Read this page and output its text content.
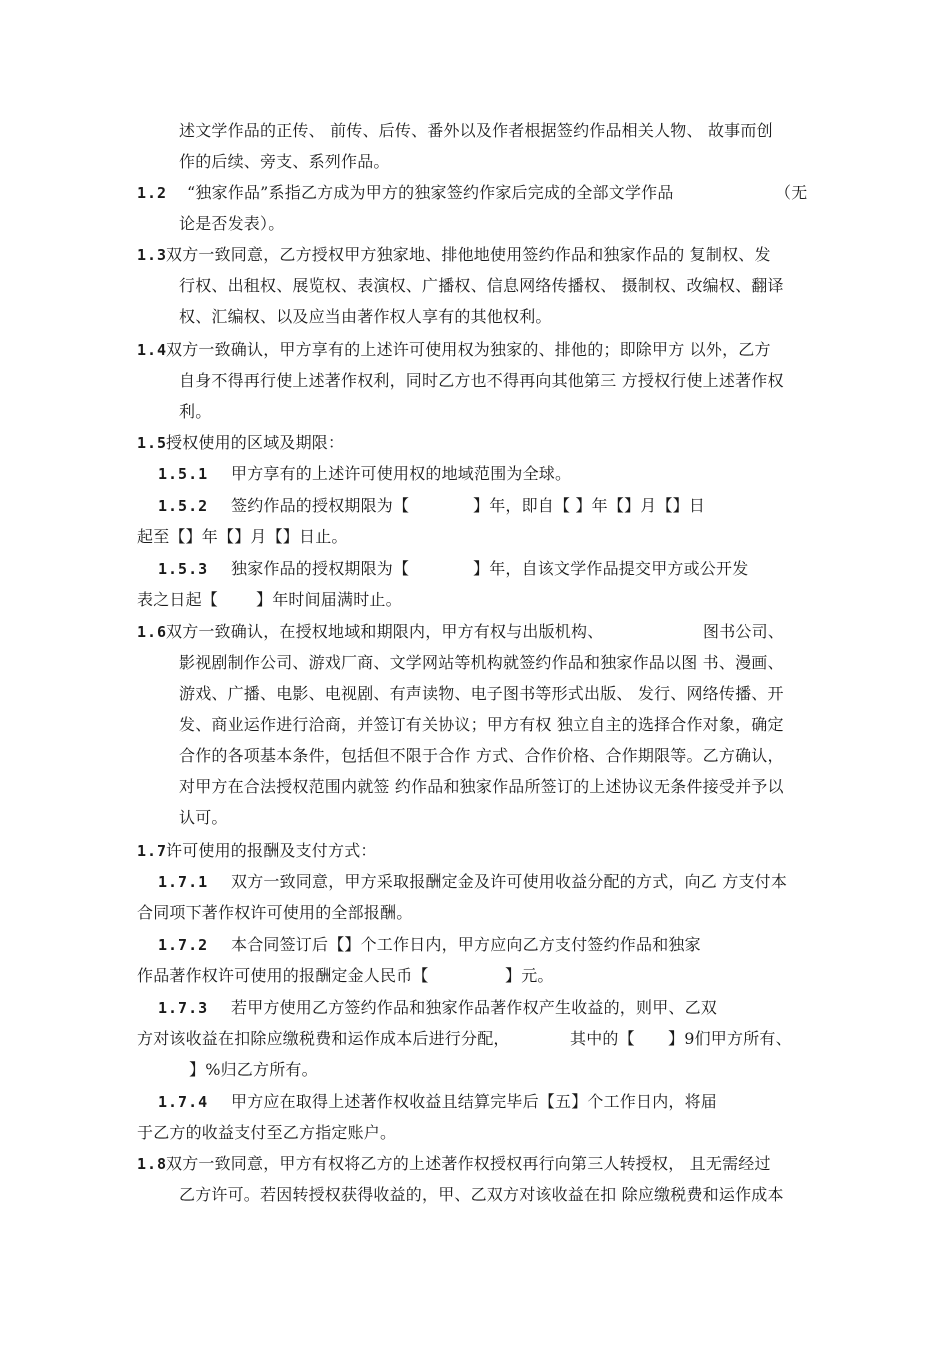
述文学作品的正传、 前传、后传、番外以及作者根据签约作品相关人物、 故事而创
作的后续、旁支、系列作品。
1.2 “独家作品”系指乙方成为甲方的独家签约作家后完成的全部文学作品	（无
论是否发表）。
1.3
双方一致同意，乙方授权甲方独家地、排他地使用签约作品和独家作品的 复制权、发
行权、出租权、展览权、表演权、广播权、信息网络传播权、 摄制权、改编权、翻译
权、汇编权、以及应当由著作权人享有的其他权利。
1.4
双方一致确认，甲方享有的上述许可使用权为独家的、排他的；即除甲方 以外，乙方
自身不得再行使上述著作权利，同时乙方也不得再向其他第三 方授权行使上述著作权
利。
1.5
授权使用的区域及期限：
1.5.1 甲方享有的上述许可使用权的地域范围为全球。
1.5.2 签约作品的授权期限为【	】年，即自【 】年【】月【】日
起至【】年【】月【】日止。
1.5.3 独家作品的授权期限为【	】年，自该文学作品提交甲方或公开发
表之日起【 】年时间届满时止。
1.6
双方一致确认，在授权地域和期限内，甲方有权与出版机构、	图书公司、
影视剧制作公司、游戏厂商、文学网站等机构就签约作品和独家作品以图 书、漫画、
游戏、广播、电影、电视剧、有声读物、电子图书等形式出版、 发行、网络传播、开
发、商业运作进行洽商，并签订有关协议；甲方有权 独立自主的选择合作对象，确定
合作的各项基本条件，包括但不限于合作 方式、合作价格、合作期限等。乙方确认，
对甲方在合法授权范围内就签 约作品和独家作品所签订的上述协议无条件接受并予以
认可。
1.7
许可使用的报酬及支付方式：
1.7.1 双方一致同意，甲方采取报酬定金及许可使用收益分配的方式，向乙 方支付本
合同项下著作权许可使用的全部报酬。
1.7.2 本合同签订后【】个工作日内，甲方应向乙方支付签约作品和独家
作品著作权许可使用的报酬定金人民币【	】元。
1.7.3 若甲方使用乙方签约作品和独家作品著作权产生收益的，则甲、乙双
方对该收益在扣除应缴税费和运作成本后进行分配，	其中的【 】9们甲方所有、
】%归乙方所有。
1.7.4 甲方应在取得上述著作权收益且结算完毕后【五】个工作日内，将届
于乙方的收益支付至乙方指定账户。
1.8
双方一致同意，甲方有权将乙方的上述著作权授权再行向第三人转授权， 且无需经过
乙方许可。若因转授权获得收益的，甲、乙双方对该收益在扣 除应缴税费和运作成本
